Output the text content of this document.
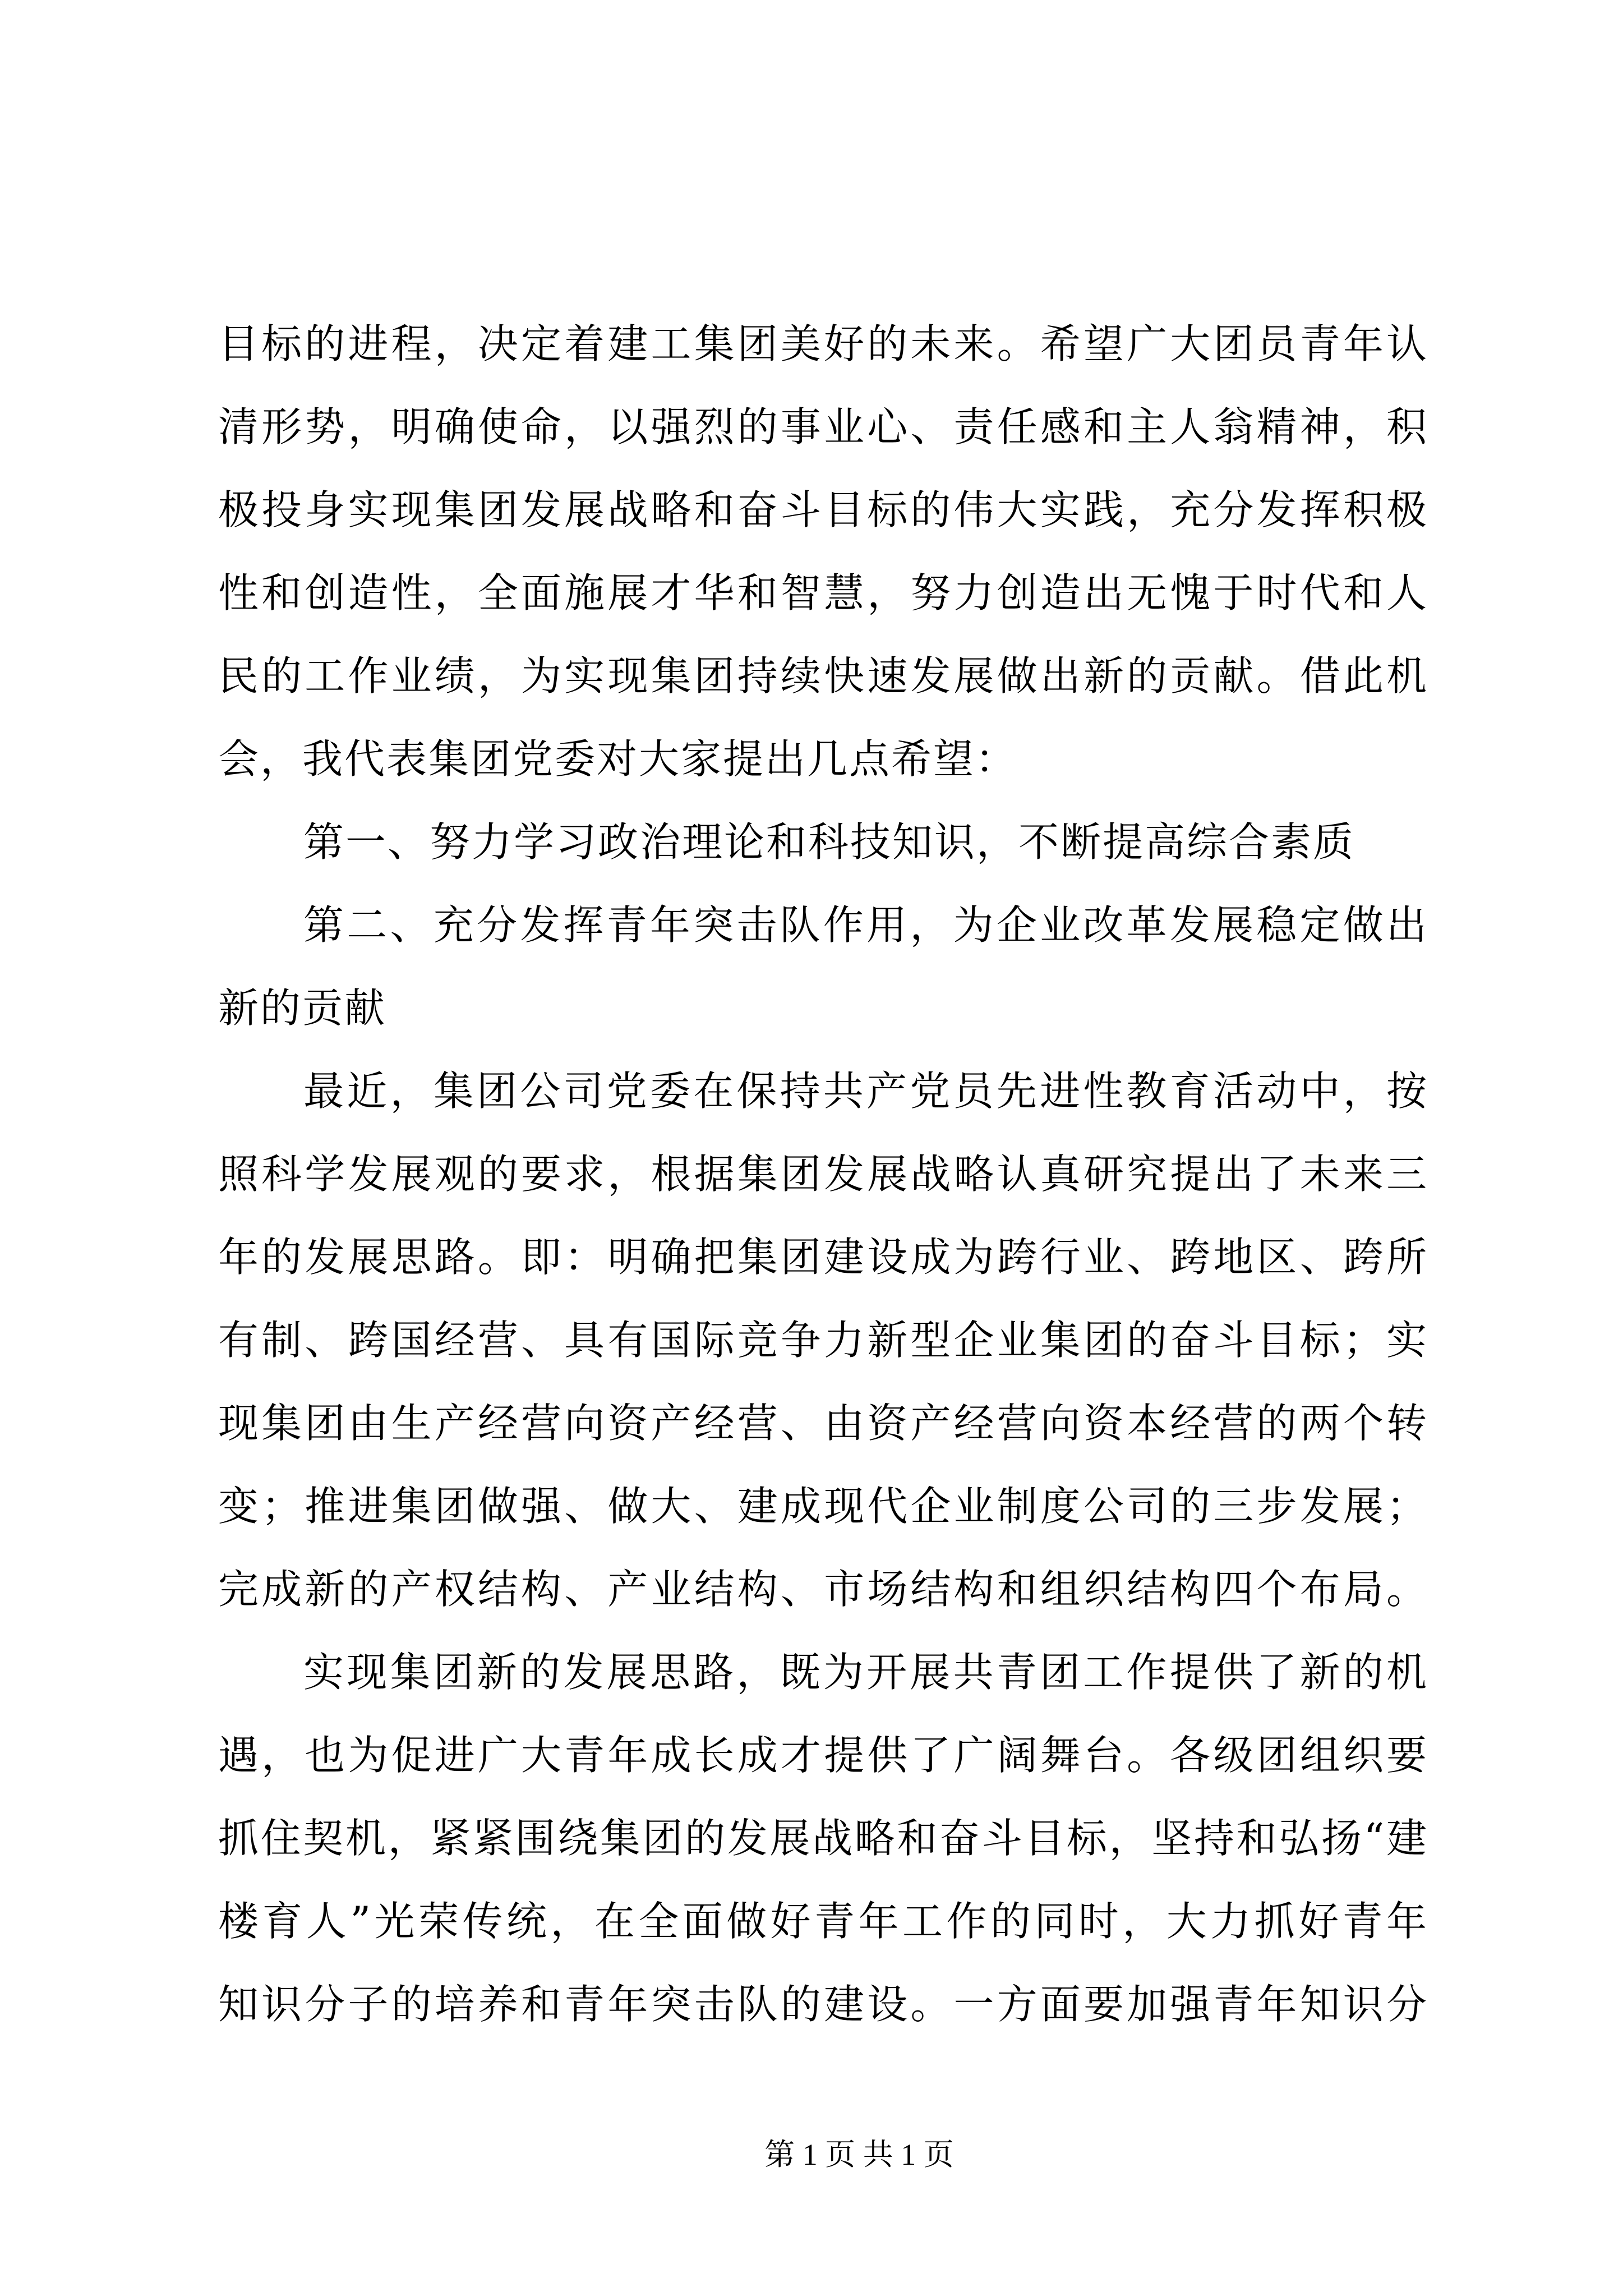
目标的进程，决定着建工集团美好的未来。希望广大团员青年认
清形势，明确使命，以强烈的事业心、责任感和主人翁精神，积
极投身实现集团发展战略和奋斗目标的伟大实践，充分发挥积极
性和创造性，全面施展才华和智慧，努力创造出无愧于时代和人
民的工作业绩，为实现集团持续快速发展做出新的贡献。借此机
会，我代表集团党委对大家提出几点希望：
第一、努力学习政治理论和科技知识，不断提高综合素质
第二、充分发挥青年突击队作用，为企业改革发展稳定做出
新的贡献
最近，集团公司党委在保持共产党员先进性教育活动中，按
照科学发展观的要求，根据集团发展战略认真研究提出了未来三
年的发展思路。即：明确把集团建设成为跨行业、跨地区、跨所
有制、跨国经营、具有国际竞争力新型企业集团的奋斗目标；实
现集团由生产经营向资产经营、由资产经营向资本经营的两个转
变；推进集团做强、做大、建成现代企业制度公司的三步发展；
完成新的产权结构、产业结构、市场结构和组织结构四个布局。
实现集团新的发展思路，既为开展共青团工作提供了新的机
遇，也为促进广大青年成长成才提供了广阔舞台。各级团组织要
抓住契机，紧紧围绕集团的发展战略和奋斗目标，坚持和弘扬“建
楼育人”光荣传统，在全面做好青年工作的同时，大力抓好青年
知识分子的培养和青年突击队的建设。一方面要加强青年知识分
第 1 页 共 1 页
